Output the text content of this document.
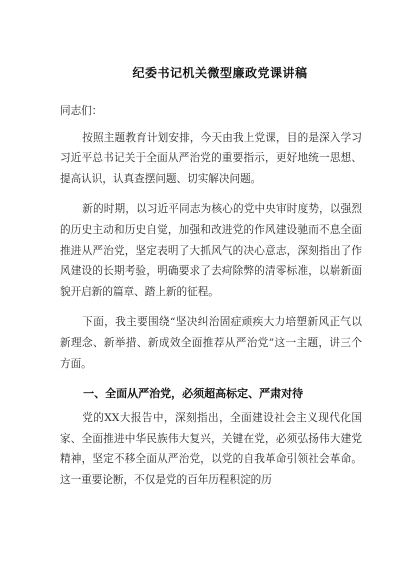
纪委书记机关微型廉政党课讲稿

同志们：

按照主题教育计划安排，今天由我上党课，目的是深入学习习近平总书记关于全面从严治党的重要指示，更好地统一思想、提高认识，认真查摆问题、切实解决问题。

新的时期，以习近平同志为核心的党中央审时度势，以强烈的历史主动和历史自觉，加强和改进党的作风建设驰而不息全面推进从严治党，坚定表明了大抓风气的决心意志，深刻指出了作风建设的长期考验，明确要求了去疴除弊的清零标准，以崭新面貌开启新的篇章、踏上新的征程。

下面，我主要围绕“坚决纠治固症顽疾大力培塑新风正气以新理念、新举措、新成效全面推荐从严治党”这一主题，讲三个方面。

一、全面从严治党，必须超高标定、严肃对待

党的XX大报告中，深刻指出，全面建设社会主义现代化国家、全面推进中华民族伟大复兴，关键在党，必须弘扬伟大建党精神，坚定不移全面从严治党，以党的自我革命引领社会革命。这一重要论断，不仅是党的百年历程积淀的历
